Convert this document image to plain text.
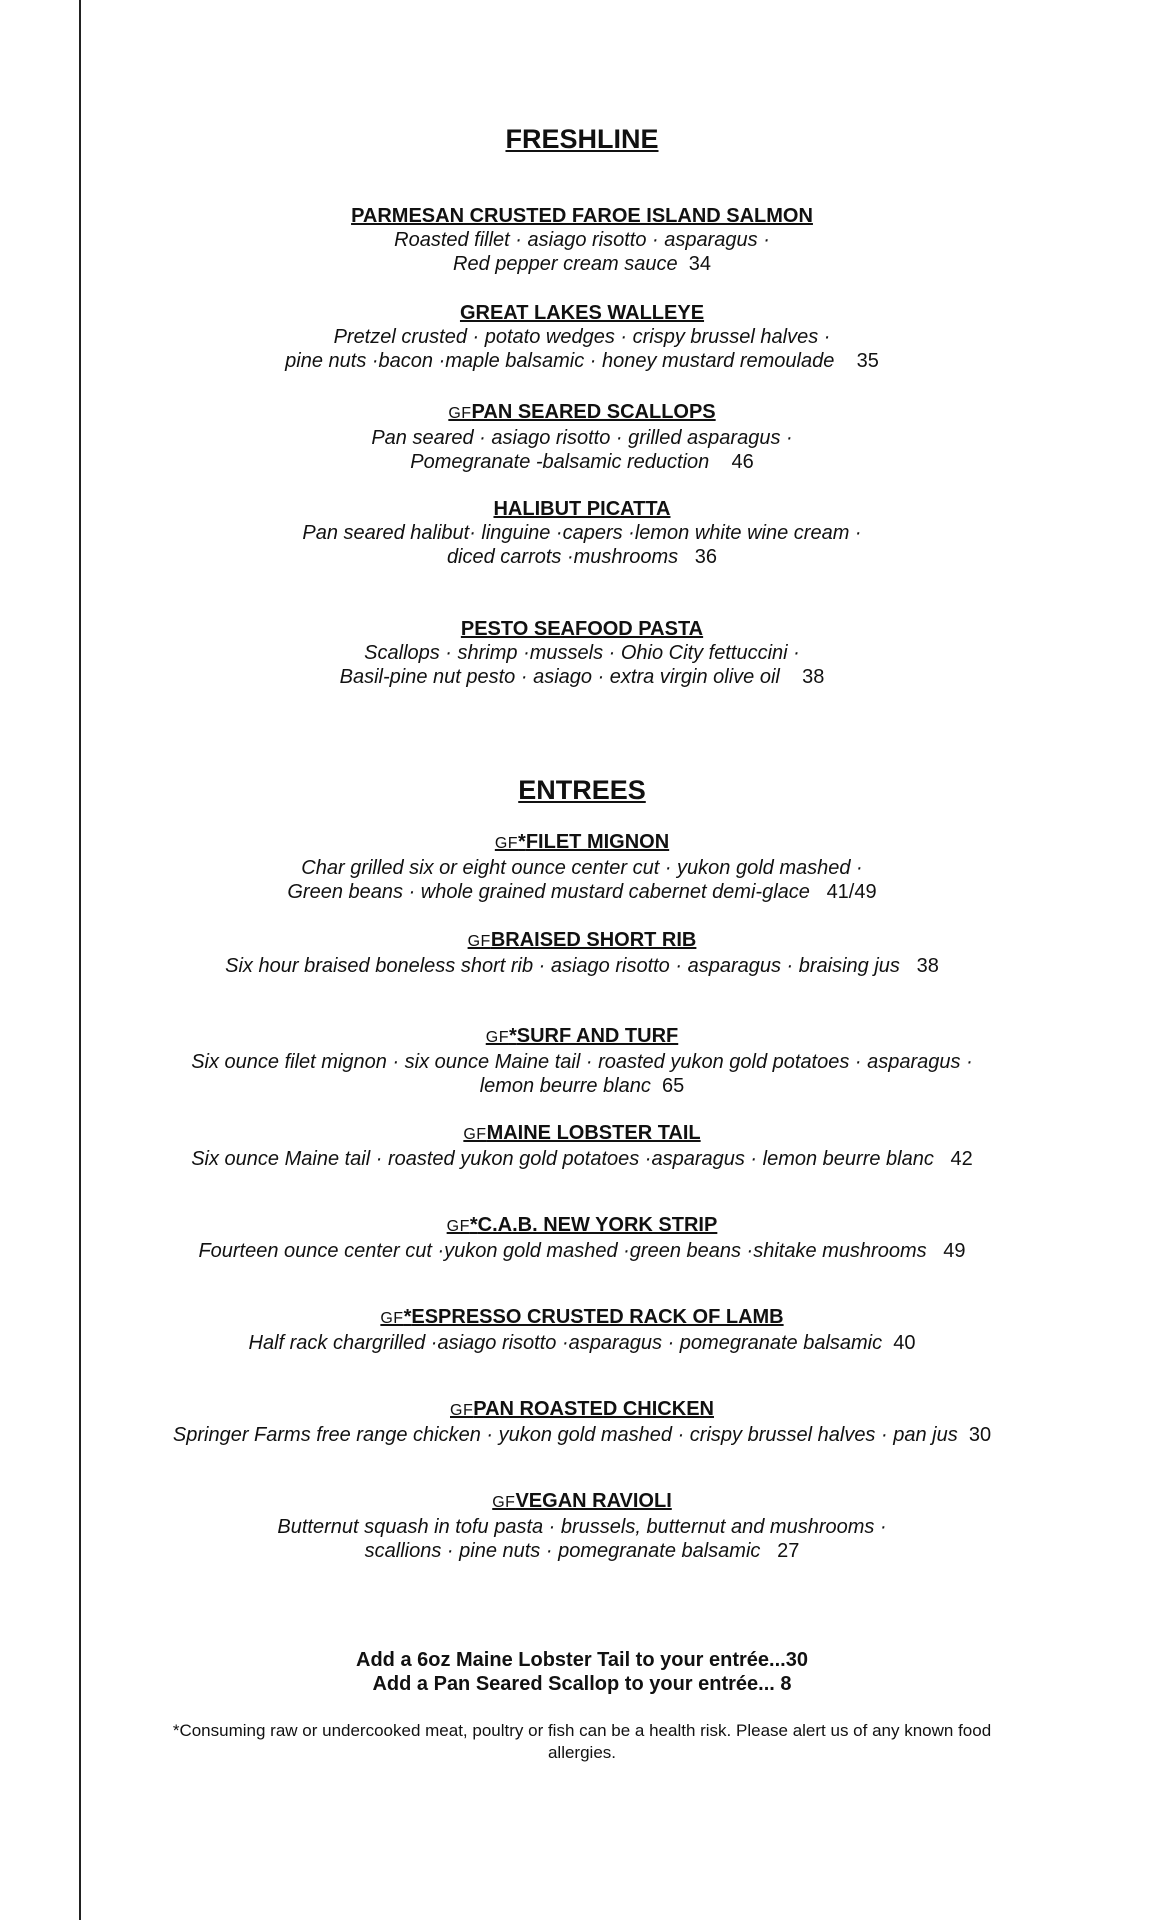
FRESHLINE
PARMESAN CRUSTED FAROE ISLAND SALMON
Roasted fillet · asiago risotto · asparagus ·
Red pepper cream sauce 34
GREAT LAKES WALLEYE
Pretzel crusted · potato wedges · crispy brussel halves ·
pine nuts ·bacon ·maple balsamic · honey mustard remoulade 35
GFPAN SEARED SCALLOPS
Pan seared · asiago risotto · grilled asparagus ·
Pomegranate -balsamic reduction 46
HALIBUT PICATTA
Pan seared halibut· linguine ·capers ·lemon white wine cream ·
diced carrots ·mushrooms 36
PESTO SEAFOOD PASTA
Scallops · shrimp ·mussels · Ohio City fettuccini ·
Basil-pine nut pesto · asiago · extra virgin olive oil 38
ENTREES
GF*FILET MIGNON
Char grilled six or eight ounce center cut · yukon gold mashed ·
Green beans · whole grained mustard cabernet demi-glace 41/49
GFBRAISED SHORT RIB
Six hour braised boneless short rib · asiago risotto · asparagus · braising jus 38
GF*SURF AND TURF
Six ounce filet mignon · six ounce Maine tail · roasted yukon gold potatoes · asparagus ·
lemon beurre blanc 65
GFMAINE LOBSTER TAIL
Six ounce Maine tail · roasted yukon gold potatoes ·asparagus · lemon beurre blanc 42
GF*C.A.B. NEW YORK STRIP
Fourteen ounce center cut ·yukon gold mashed ·green beans ·shitake mushrooms 49
GF*ESPRESSO CRUSTED RACK OF LAMB
Half rack chargrilled ·asiago risotto ·asparagus · pomegranate balsamic 40
GFPAN ROASTED CHICKEN
Springer Farms free range chicken · yukon gold mashed · crispy brussel halves · pan jus 30
GFVEGAN RAVIOLI
Butternut squash in tofu pasta · brussels, butternut and mushrooms ·
scallions · pine nuts · pomegranate balsamic 27
Add a 6oz Maine Lobster Tail to your entrée...30
Add a Pan Seared Scallop to your entrée... 8
*Consuming raw or undercooked meat, poultry or fish can be a health risk. Please alert us of any known food
allergies.
